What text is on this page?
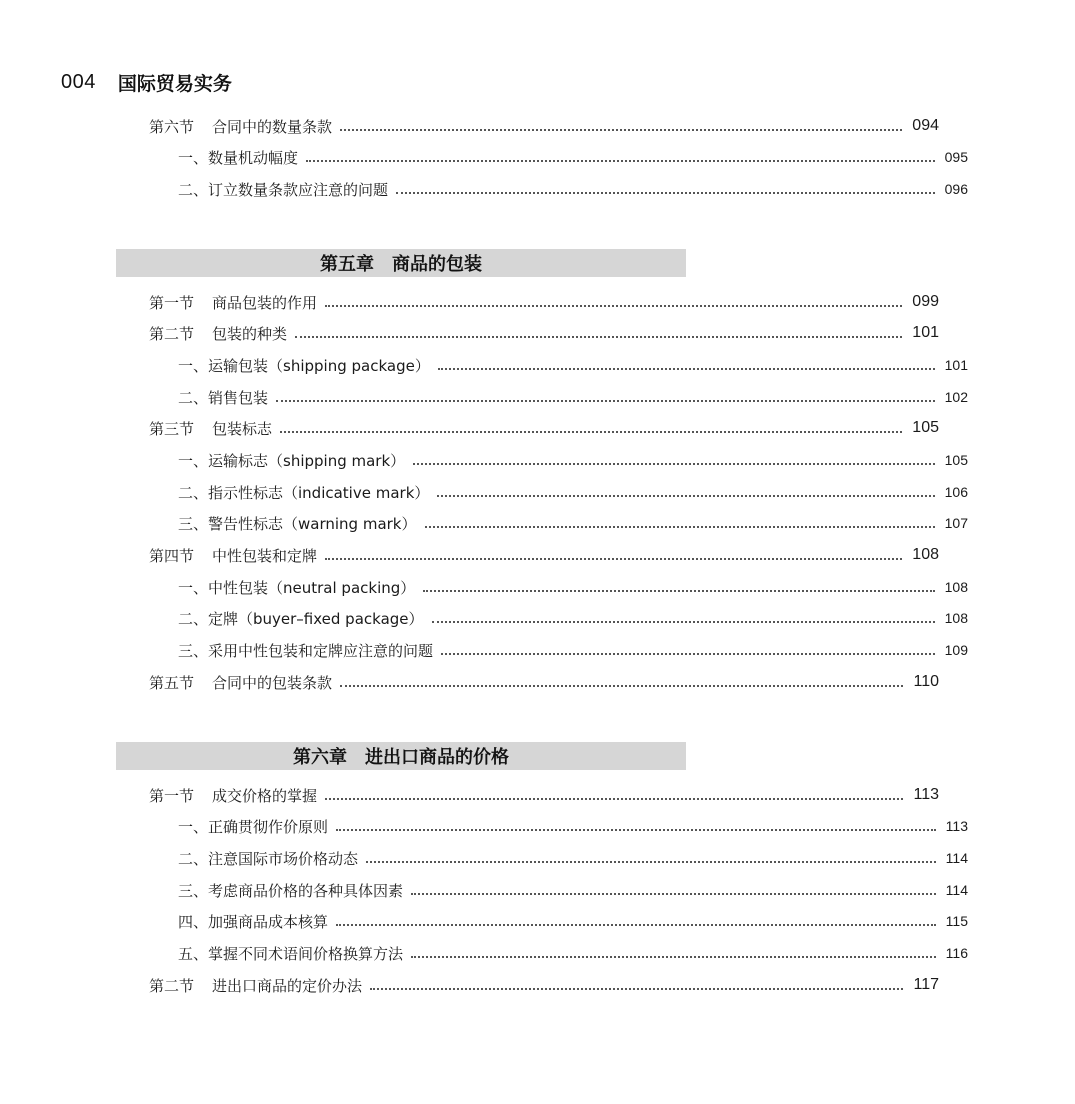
004 国际贸易实务
第六节 合同中的数量条款	094
一、数量机动幅度	095
二、订立数量条款应注意的问题	096
第五章 商品的包装
第一节 商品包装的作用	099
第二节 包装的种类	101
一、运输包装（shipping package）	101
二、销售包装	102
第三节 包装标志	105
一、运输标志（shipping mark）	105
二、指示性标志（indicative mark）	106
三、警告性标志（warning mark）	107
第四节 中性包装和定牌	108
一、中性包装（neutral packing）	108
二、定牌（buyer–fixed package）	108
三、采用中性包装和定牌应注意的问题	109
第五节 合同中的包装条款	110
第六章 进出口商品的价格
第一节 成交价格的掌握	113
一、正确贯彻作价原则	113
二、注意国际市场价格动态	114
三、考虑商品价格的各种具体因素	114
四、加强商品成本核算	115
五、掌握不同术语间价格换算方法	116
第二节 进出口商品的定价办法	117
